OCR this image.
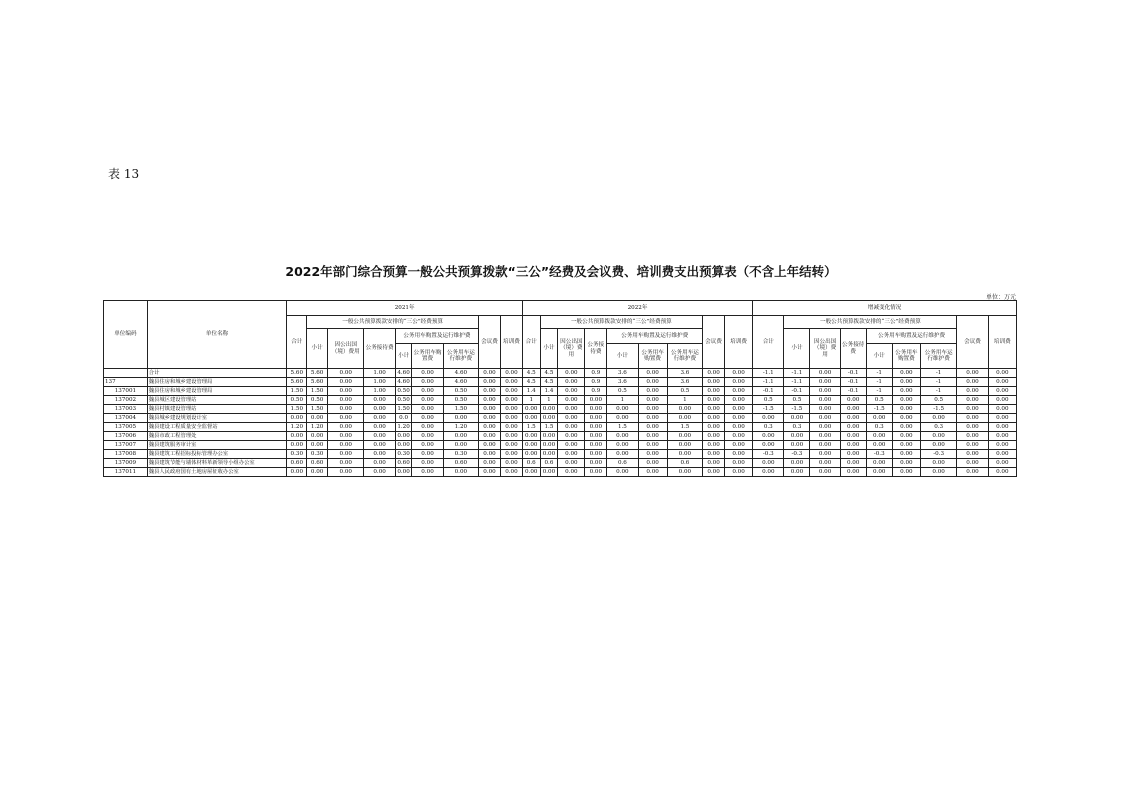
表 13
2022年部门综合预算一般公共预算拨款“三公”经费及会议费、培训费支出预算表（不含上年结转）
单位：万元
单位编码	单位名称	2021年									2022年									增减变化情况								
		合计	一般公共预算拨款安排的“三公”经费预算						会议费	培训费	合计	一般公共预算拨款安排的“三公”经费预算						会议费	培训费	合计	一般公共预算拨款安排的“三公”经费预算						会议费	培训费
			小计	因公出国（境）费用	公务接待费	公务用车购置及运行维护费						小计	因公出国（境）费用	公务接待费	公务用车购置及运行维护费						小计	因公出国（境）费用	公务接待费	公务用车购置及运行维护费				
						小计	公务用车购置费	公务用车运行维护费							小计	公务用车购置费	公务用车运行维护费							小计	公务用车购置费	公务用车运行维护费		
	合计	5.60	5.60	0.00	1.00	4.60	0.00	4.60	0.00	0.00	4.5	4.5	0.00	0.9	3.6	0.00	3.6	0.00	0.00	-1.1	-1.1	0.00	-0.1	-1	0.00	-1	0.00	0.00
137	魏县住房和城乡建设管理局	5.60	5.60	0.00	1.00	4.60	0.00	4.60	0.00	0.00	4.5	4.5	0.00	0.9	3.6	0.00	3.6	0.00	0.00	-1.1	-1.1	0.00	-0.1	-1	0.00	-1	0.00	0.00
137001	魏县住房和城乡建设管理局	1.50	1.50	0.00	1.00	0.50	0.00	0.50	0.00	0.00	1.4	1.4	0.00	0.9	0.5	0.00	0.5	0.00	0.00	-0.1	-0.1	0.00	-0.1	-1	0.00	-1	0.00	0.00
137002	魏县城区建设管理站	0.50	0.50	0.00	0.00	0.50	0.00	0.50	0.00	0.00	1	1	0.00	0.00	1	0.00	1	0.00	0.00	0.5	0.5	0.00	0.00	0.5	0.00	0.5	0.00	0.00
137003	魏县村镇建设管理站	1.50	1.50	0.00	0.00	1.50	0.00	1.50	0.00	0.00	0.00	0.00	0.00	0.00	0.00	0.00	0.00	0.00	0.00	-1.5	-1.5	0.00	0.00	-1.5	0.00	-1.5	0.00	0.00
137004	魏县城乡建设规划设计室	0.00	0.00	0.00	0.00	0.0	0.00	0.00	0.00	0.00	0.00	0.00	0.00	0.00	0.00	0.00	0.00	0.00	0.00	0.00	0.00	0.00	0.00	0.00	0.00	0.00	0.00	0.00
137005	魏县建设工程质量安全监督站	1.20	1.20	0.00	0.00	1.20	0.00	1.20	0.00	0.00	1.5	1.5	0.00	0.00	1.5	0.00	1.5	0.00	0.00	0.3	0.3	0.00	0.00	0.3	0.00	0.3	0.00	0.00
137006	魏县市政工程管理处	0.00	0.00	0.00	0.00	0.00	0.00	0.00	0.00	0.00	0.00	0.00	0.00	0.00	0.00	0.00	0.00	0.00	0.00	0.00	0.00	0.00	0.00	0.00	0.00	0.00	0.00	0.00
137007	魏县建筑服务审计室	0.00	0.00	0.00	0.00	0.00	0.00	0.00	0.00	0.00	0.00	0.00	0.00	0.00	0.00	0.00	0.00	0.00	0.00	0.00	0.00	0.00	0.00	0.00	0.00	0.00	0.00	0.00
137008	魏县建筑工程招标投标管理办公室	0.30	0.30	0.00	0.00	0.30	0.00	0.30	0.00	0.00	0.00	0.00	0.00	0.00	0.00	0.00	0.00	0.00	0.00	-0.3	-0.3	0.00	0.00	-0.3	0.00	-0.3	0.00	0.00
137009	魏县建筑节能与墙体材料革新领导小组办公室	0.60	0.60	0.00	0.00	0.60	0.00	0.60	0.00	0.00	0.6	0.6	0.00	0.00	0.6	0.00	0.6	0.00	0.00	0.00	0.00	0.00	0.00	0.00	0.00	0.00	0.00	0.00
137011	魏县人民政府国有土地房屋征收办公室	0.00	0.00	0.00	0.00	0.00	0.00	0.00	0.00	0.00	0.00	0.00	0.00	0.00	0.00	0.00	0.00	0.00	0.00	0.00	0.00	0.00	0.00	0.00	0.00	0.00	0.00	0.00
